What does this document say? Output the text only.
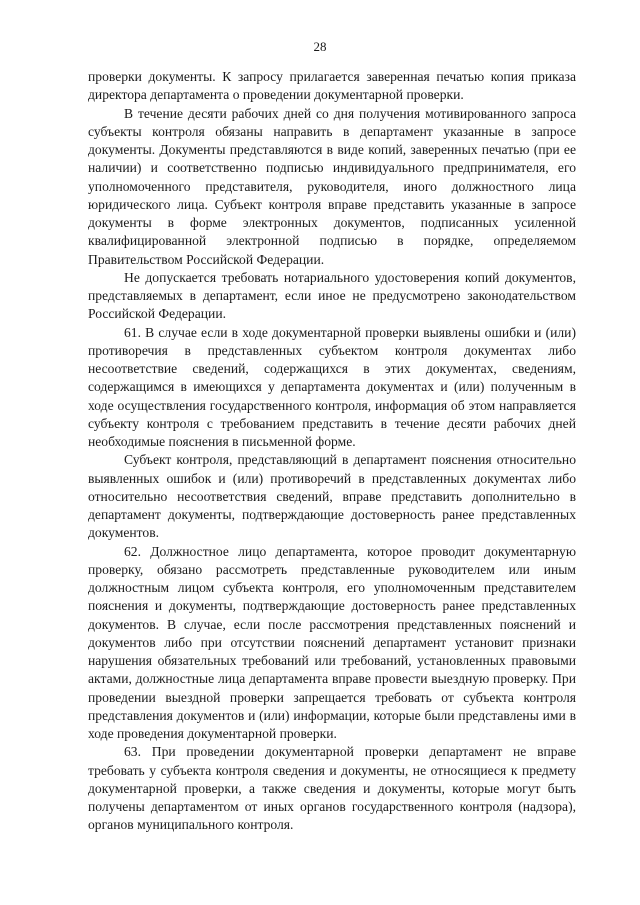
28

проверки документы. К запросу прилагается заверенная печатью копия приказа директора департамента о проведении документарной проверки.

В течение десяти рабочих дней со дня получения мотивированного запроса субъекты контроля обязаны направить в департамент указанные в запросе документы. Документы представляются в виде копий, заверенных печатью (при ее наличии) и соответственно подписью индивидуального предпринимателя, его уполномоченного представителя, руководителя, иного должностного лица юридического лица. Субъект контроля вправе представить указанные в запросе документы в форме электронных документов, подписанных усиленной квалифицированной электронной подписью в порядке, определяемом Правительством Российской Федерации.

Не допускается требовать нотариального удостоверения копий документов, представляемых в департамент, если иное не предусмотрено законодательством Российской Федерации.

61. В случае если в ходе документарной проверки выявлены ошибки и (или) противоречия в представленных субъектом контроля документах либо несоответствие сведений, содержащихся в этих документах, сведениям, содержащимся в имеющихся у департамента документах и (или) полученным в ходе осуществления государственного контроля, информация об этом направляется субъекту контроля с требованием представить в течение десяти рабочих дней необходимые пояснения в письменной форме.

Субъект контроля, представляющий в департамент пояснения относительно выявленных ошибок и (или) противоречий в представленных документах либо относительно несоответствия сведений, вправе представить дополнительно в департамент документы, подтверждающие достоверность ранее представленных документов.

62. Должностное лицо департамента, которое проводит документарную проверку, обязано рассмотреть представленные руководителем или иным должностным лицом субъекта контроля, его уполномоченным представителем пояснения и документы, подтверждающие достоверность ранее представленных документов. В случае, если после рассмотрения представленных пояснений и документов либо при отсутствии пояснений департамент установит признаки нарушения обязательных требований или требований, установленных правовыми актами, должностные лица департамента вправе провести выездную проверку. При проведении выездной проверки запрещается требовать от субъекта контроля представления документов и (или) информации, которые были представлены ими в ходе проведения документарной проверки.

63. При проведении документарной проверки департамент не вправе требовать у субъекта контроля сведения и документы, не относящиеся к предмету документарной проверки, а также сведения и документы, которые могут быть получены департаментом от иных органов государственного контроля (надзора), органов муниципального контроля.
